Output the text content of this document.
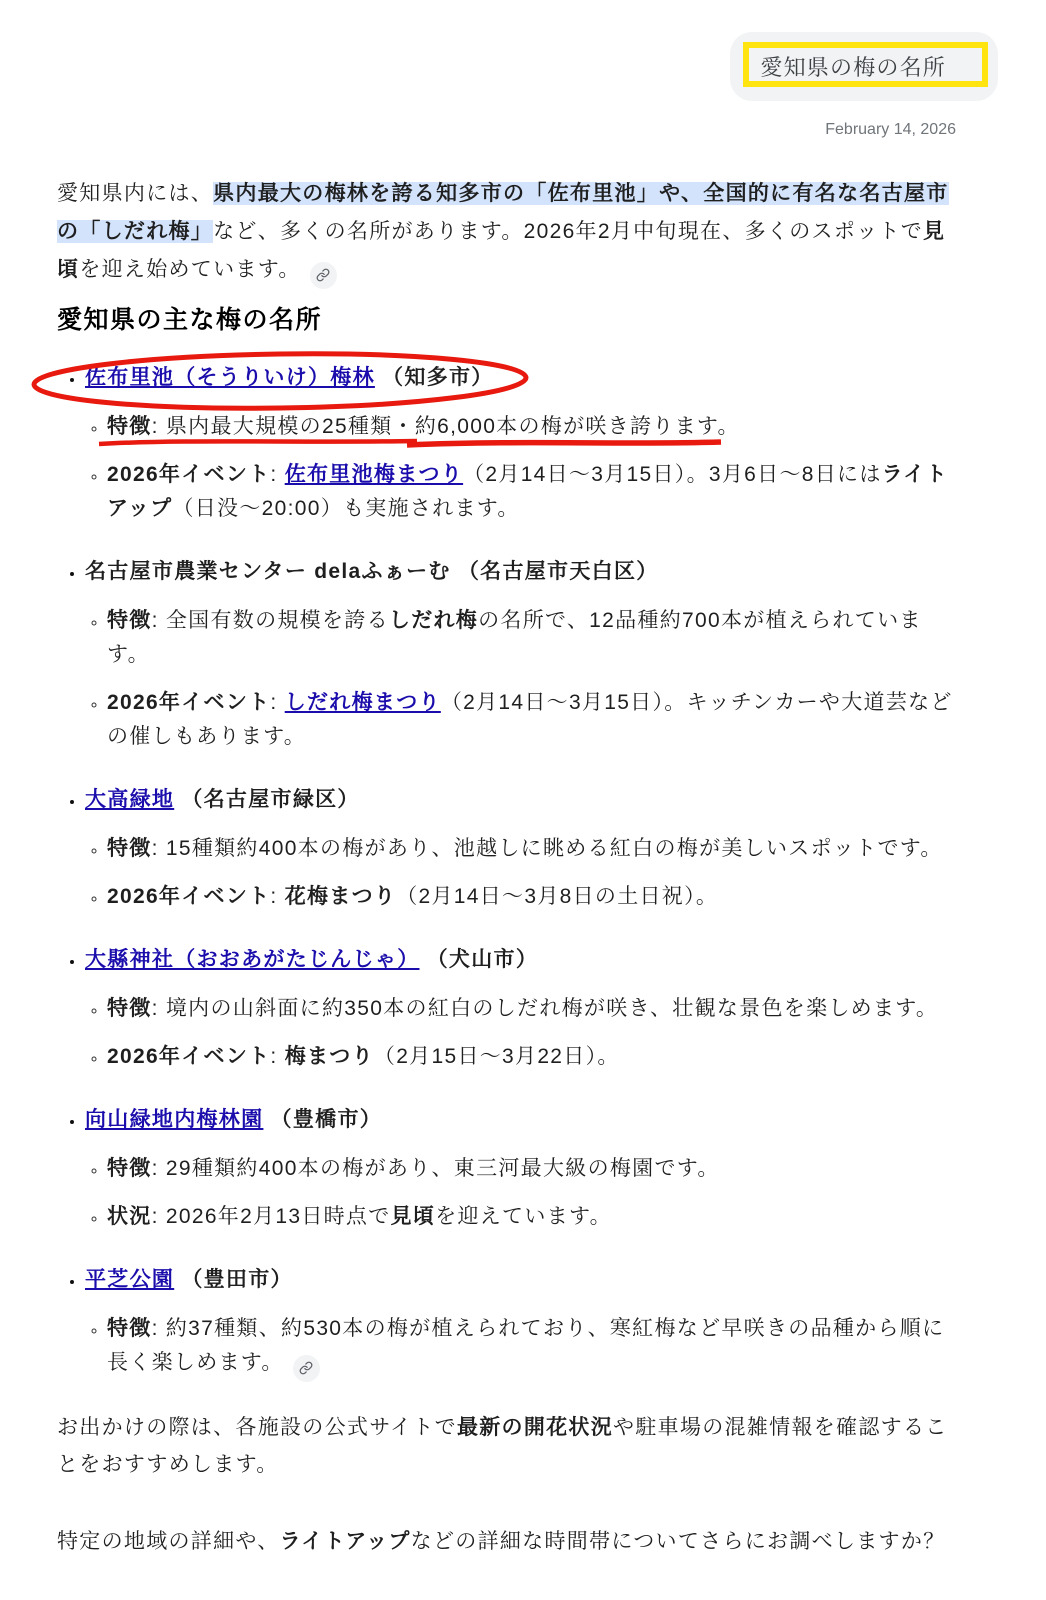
愛知県の梅の名所
February 14, 2026

愛知県内には、県内最大の梅林を誇る知多市の「佐布里池」や、全国的に有名な名古屋市の「しだれ梅」など、多くの名所があります。2026年2月中旬現在、多くのスポットで見頃を迎え始めています。

愛知県の主な梅の名所
• 佐布里池（そうりいけ）梅林 （知多市）
◦ 特徴: 県内最大規模の25種類・約6,000本の梅が咲き誇ります。
◦ 2026年イベント: 佐布里池梅まつり（2月14日～3月15日）。3月6日～8日にはライトアップ（日没～20:00）も実施されます。
• 名古屋市農業センター delaふぁーむ （名古屋市天白区）
◦ 特徴: 全国有数の規模を誇るしだれ梅の名所で、12品種約700本が植えられています。
◦ 2026年イベント: しだれ梅まつり（2月14日～3月15日）。キッチンカーや大道芸などの催しもあります。
• 大高緑地 （名古屋市緑区）
◦ 特徴: 15種類約400本の梅があり、池越しに眺める紅白の梅が美しいスポットです。
◦ 2026年イベント: 花梅まつり（2月14日～3月8日の土日祝）。
• 大縣神社（おおあがたじんじゃ） （犬山市）
◦ 特徴: 境内の山斜面に約350本の紅白のしだれ梅が咲き、壮観な景色を楽しめます。
◦ 2026年イベント: 梅まつり（2月15日～3月22日）。
• 向山緑地内梅林園 （豊橋市）
◦ 特徴: 29種類約400本の梅があり、東三河最大級の梅園です。
◦ 状況: 2026年2月13日時点で見頃を迎えています。
• 平芝公園 （豊田市）
◦ 特徴: 約37種類、約530本の梅が植えられており、寒紅梅など早咲きの品種から順に長く楽しめます。

お出かけの際は、各施設の公式サイトで最新の開花状況や駐車場の混雑情報を確認することをおすすめします。

特定の地域の詳細や、ライトアップなどの詳細な時間帯についてさらにお調べしますか？
